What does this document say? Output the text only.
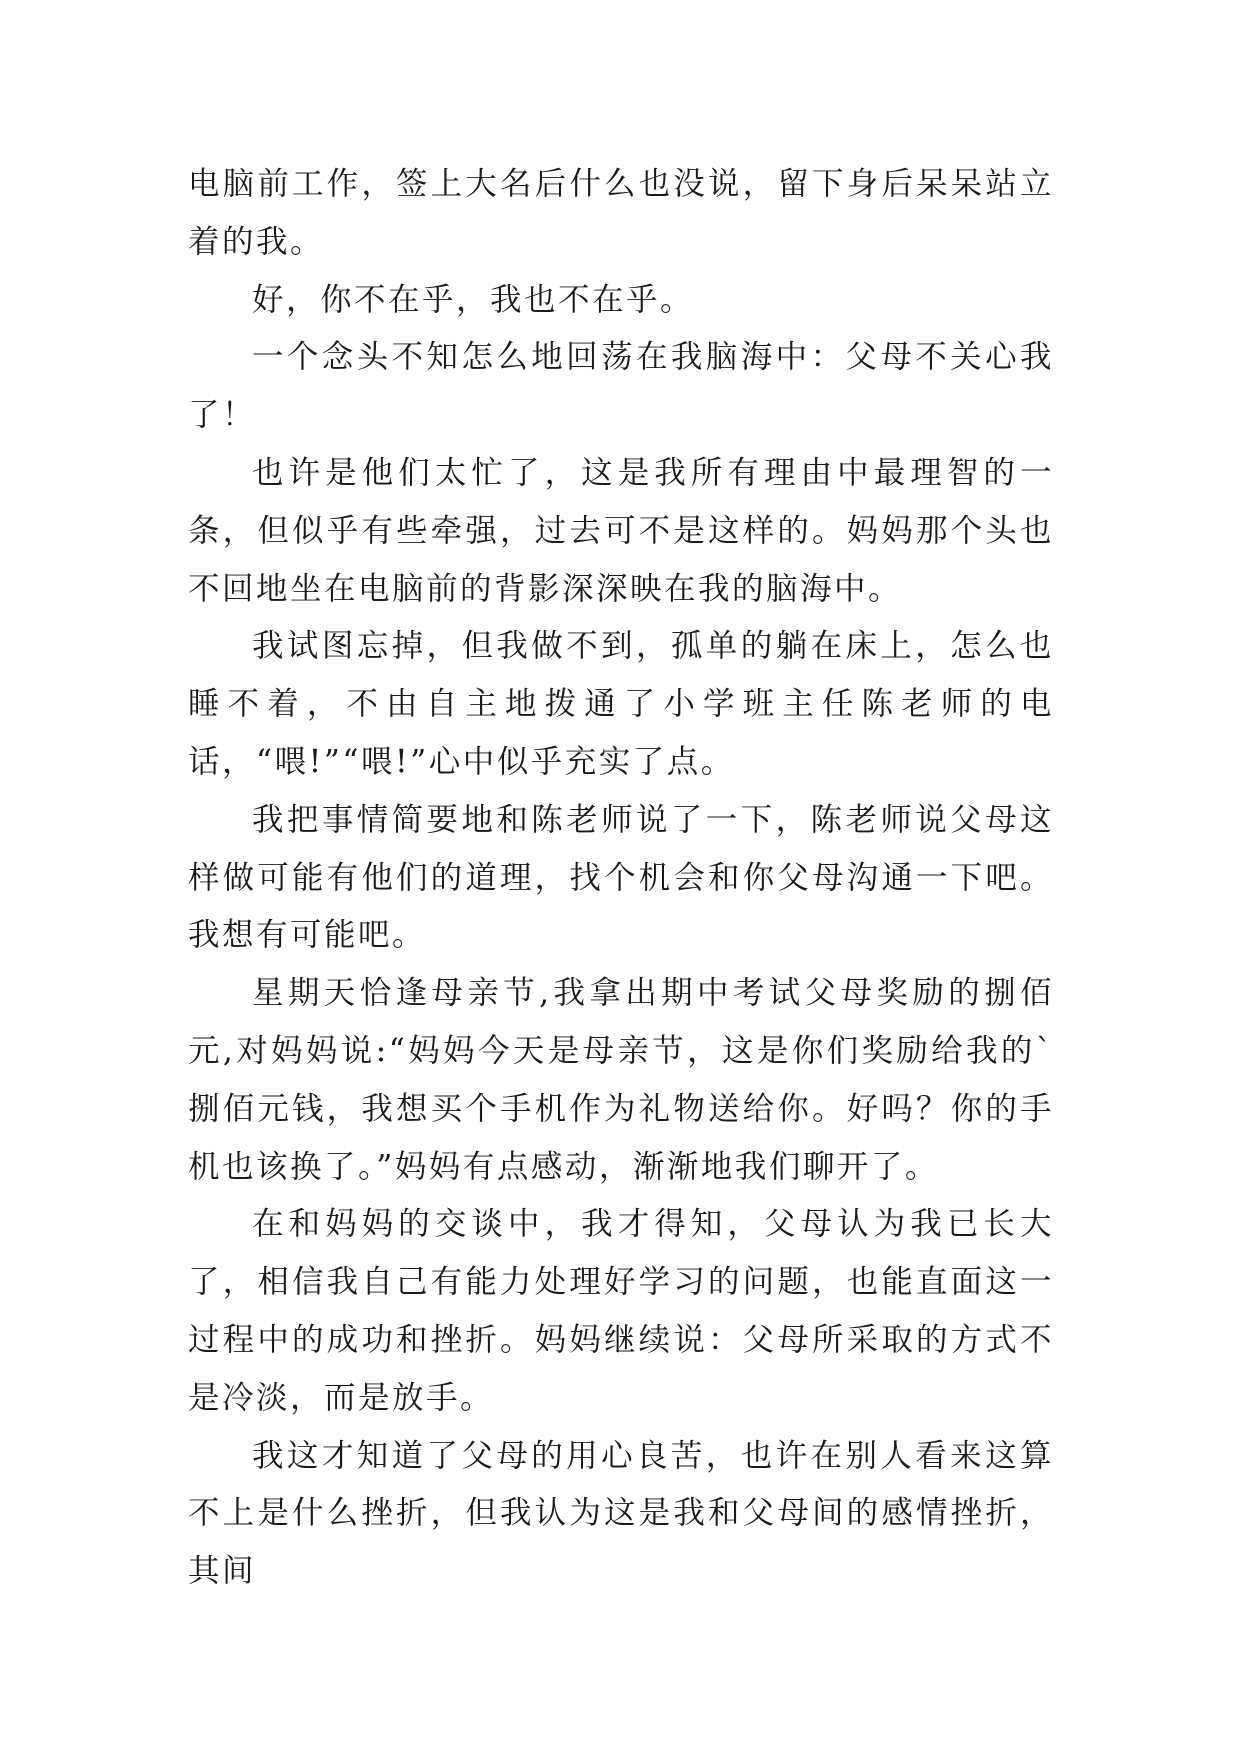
电脑前工作，签上大名后什么也没说，留下身后呆呆站立着的我。

好，你不在乎，我也不在乎。

一个念头不知怎么地回荡在我脑海中：父母不关心我了！

也许是他们太忙了，这是我所有理由中最理智的一条，但似乎有些牵强，过去可不是这样的。妈妈那个头也不回地坐在电脑前的背影深深映在我的脑海中。

我试图忘掉，但我做不到，孤单的躺在床上，怎么也睡不着，不由自主地拨通了小学班主任陈老师的电话，“喂!”“喂!”心中似乎充实了点。

我把事情简要地和陈老师说了一下，陈老师说父母这样做可能有他们的道理，找个机会和你父母沟通一下吧。我想有可能吧。

星期天恰逢母亲节,我拿出期中考试父母奖励的捌佰元,对妈妈说:“妈妈今天是母亲节，这是你们奖励给我的`捌佰元钱，我想买个手机作为礼物送给你。好吗？你的手机也该换了。”妈妈有点感动，渐渐地我们聊开了。

在和妈妈的交谈中，我才得知，父母认为我已长大了，相信我自己有能力处理好学习的问题，也能直面这一过程中的成功和挫折。妈妈继续说：父母所采取的方式不是冷淡，而是放手。

我这才知道了父母的用心良苦，也许在别人看来这算不上是什么挫折，但我认为这是我和父母间的感情挫折，其间
